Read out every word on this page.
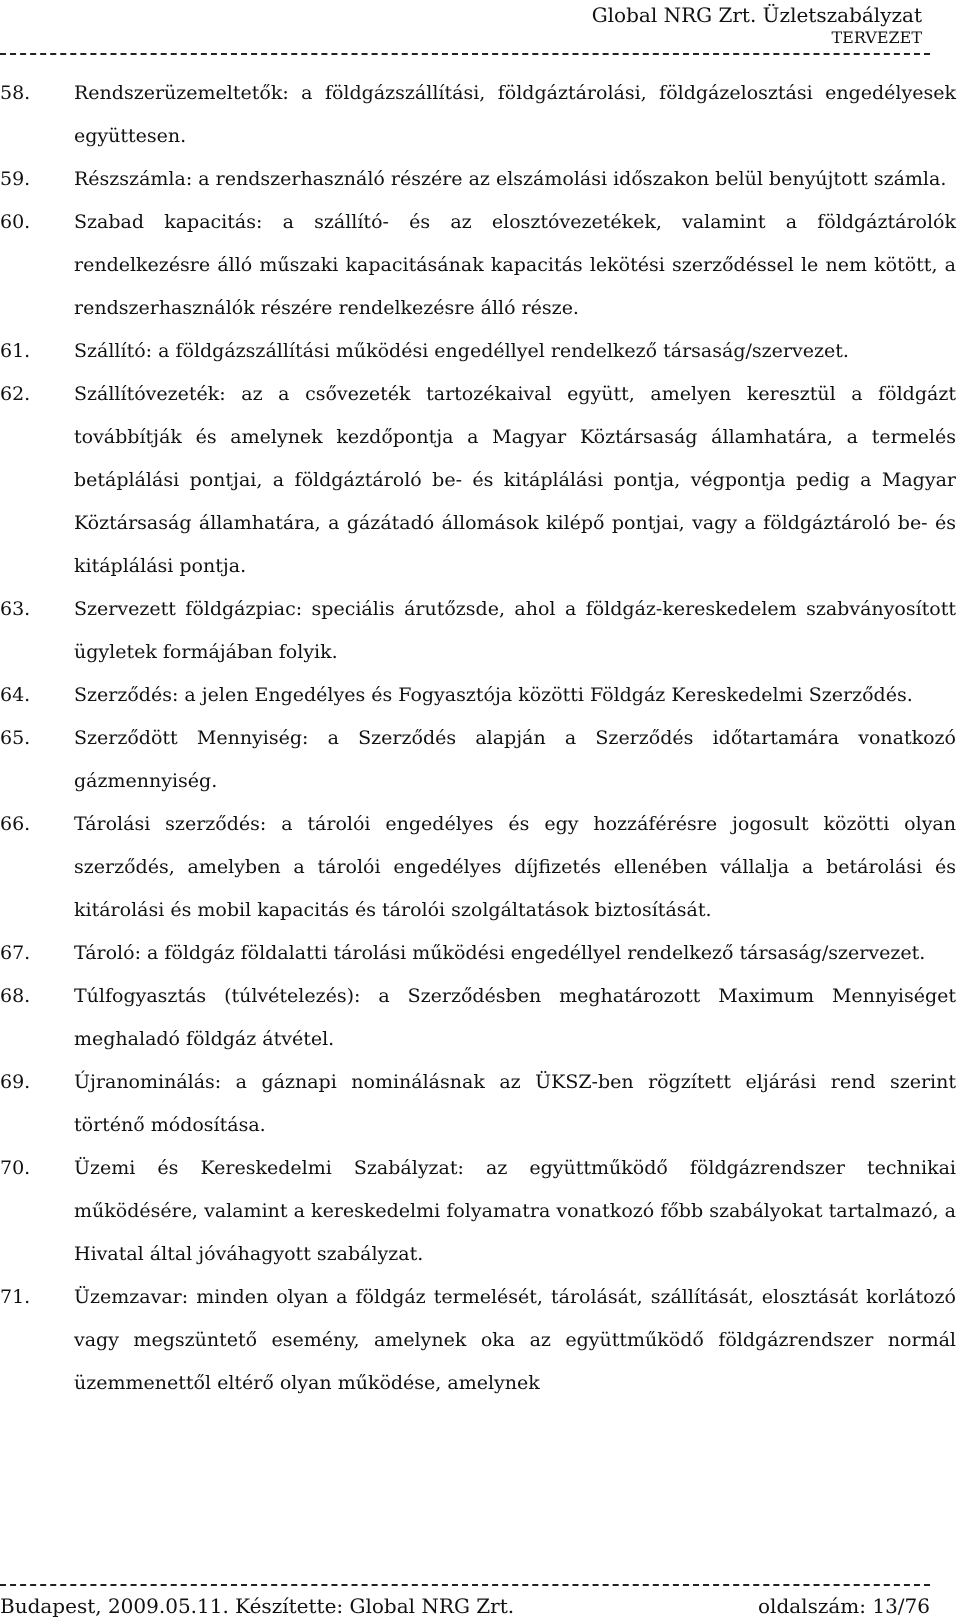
Global NRG Zrt. Üzletszabályzat
TERVEZET
58. Rendszerüzemeltetők: a földgázszállítási, földgáztárolási, földgázelosztási engedélyesek együttesen.
59. Részszámla: a rendszerhasználó részére az elszámolási időszakon belül benyújtott számla.
60. Szabad kapacitás: a szállító- és az elosztóvezetékek, valamint a földgáztárolók rendelkezésre álló műszaki kapacitásának kapacitás lekötési szerződéssel le nem kötött, a rendszerhasználók részére rendelkezésre álló része.
61. Szállító: a földgázszállítási működési engedéllyel rendelkező társaság/szervezet.
62. Szállítóvezeték: az a csővezeték tartozékaival együtt, amelyen keresztül a földgázt továbbítják és amelynek kezdőpontja a Magyar Köztársaság államhatára, a termelés betáplálási pontjai, a földgáztároló be- és kitáplálási pontja, végpontja pedig a Magyar Köztársaság államhatára, a gázátadó állomások kilépő pontjai, vagy a földgáztároló be- és kitáplálási pontja.
63. Szervezett földgázpiac: speciális árutőzsde, ahol a földgáz-kereskedelem szabványosított ügyletek formájában folyik.
64. Szerződés: a jelen Engedélyes és Fogyasztója közötti Földgáz Kereskedelmi Szerződés.
65. Szerződött Mennyiség: a Szerződés alapján a Szerződés időtartamára vonatkozó gázmennyiség.
66. Tárolási szerződés: a tárolói engedélyes és egy hozzáférésre jogosult közötti olyan szerződés, amelyben a tárolói engedélyes díjfizetés ellenében vállalja a betárolási és kitárolási és mobil kapacitás és tárolói szolgáltatások biztosítását.
67. Tároló: a földgáz földalatti tárolási működési engedéllyel rendelkező társaság/szervezet.
68. Túlfogyasztás (túlvételezés): a Szerződésben meghatározott Maximum Mennyiséget meghaladó földgáz átvétel.
69. Újranominálás: a gáznapi nominálásnak az ÜKSZ-ben rögzített eljárási rend szerint történő módosítása.
70. Üzemi és Kereskedelmi Szabályzat: az együttműködő földgázrendszer technikai működésére, valamint a kereskedelmi folyamatra vonatkozó főbb szabályokat tartalmazó, a Hivatal által jóváhagyott szabályzat.
71. Üzemzavar: minden olyan a földgáz termelését, tárolását, szállítását, elosztását korlátozó vagy megszüntető esemény, amelynek oka az együttműködő földgázrendszer normál üzemmenettől eltérő olyan működése, amelynek
Budapest, 2009.05.11. Készítette: Global NRG Zrt.	oldalszám: 13/76
